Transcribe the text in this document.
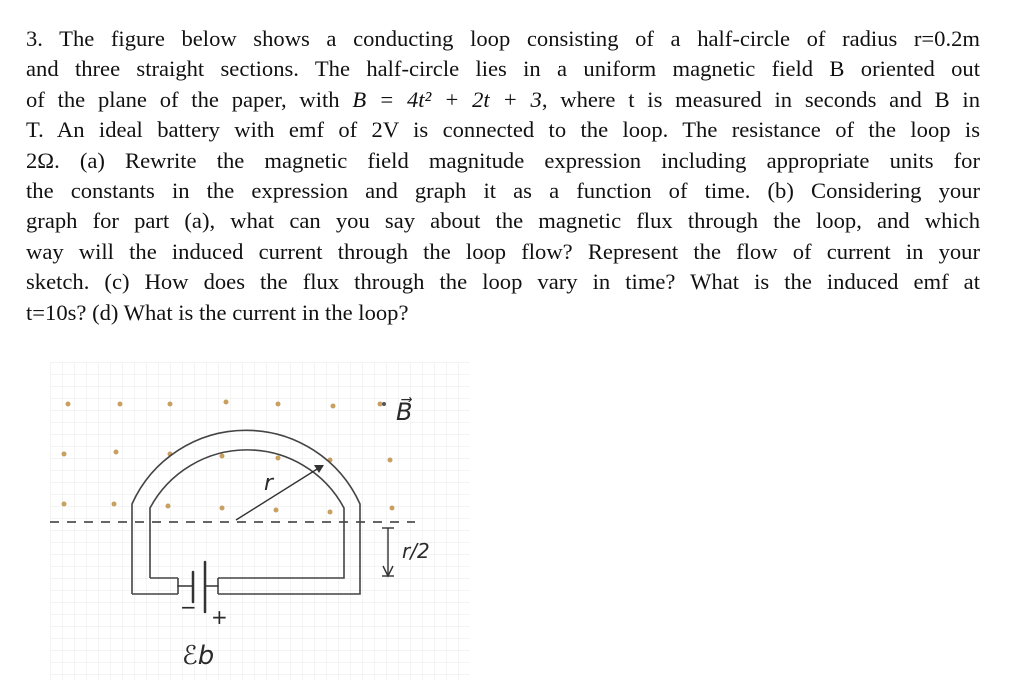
3. The figure below shows a conducting loop consisting of a half-circle of radius r=0.2m
and three straight sections. The half-circle lies in a uniform magnetic field B oriented out
of the plane of the paper, with B = 4t² + 2t + 3, where t is measured in seconds and B in
T. An ideal battery with emf of 2V is connected to the loop. The resistance of the loop is
2Ω. (a) Rewrite the magnetic field magnitude expression including appropriate units for
the constants in the expression and graph it as a function of time. (b) Considering your
graph for part (a), what can you say about the magnetic flux through the loop, and which
way will the induced current through the loop flow? Represent the flow of current in your
sketch. (c) How does the flux through the loop vary in time? What is the induced emf at
t=10s? (d) What is the current in the loop?
− +
ℰb
r
B⃗
r/2
